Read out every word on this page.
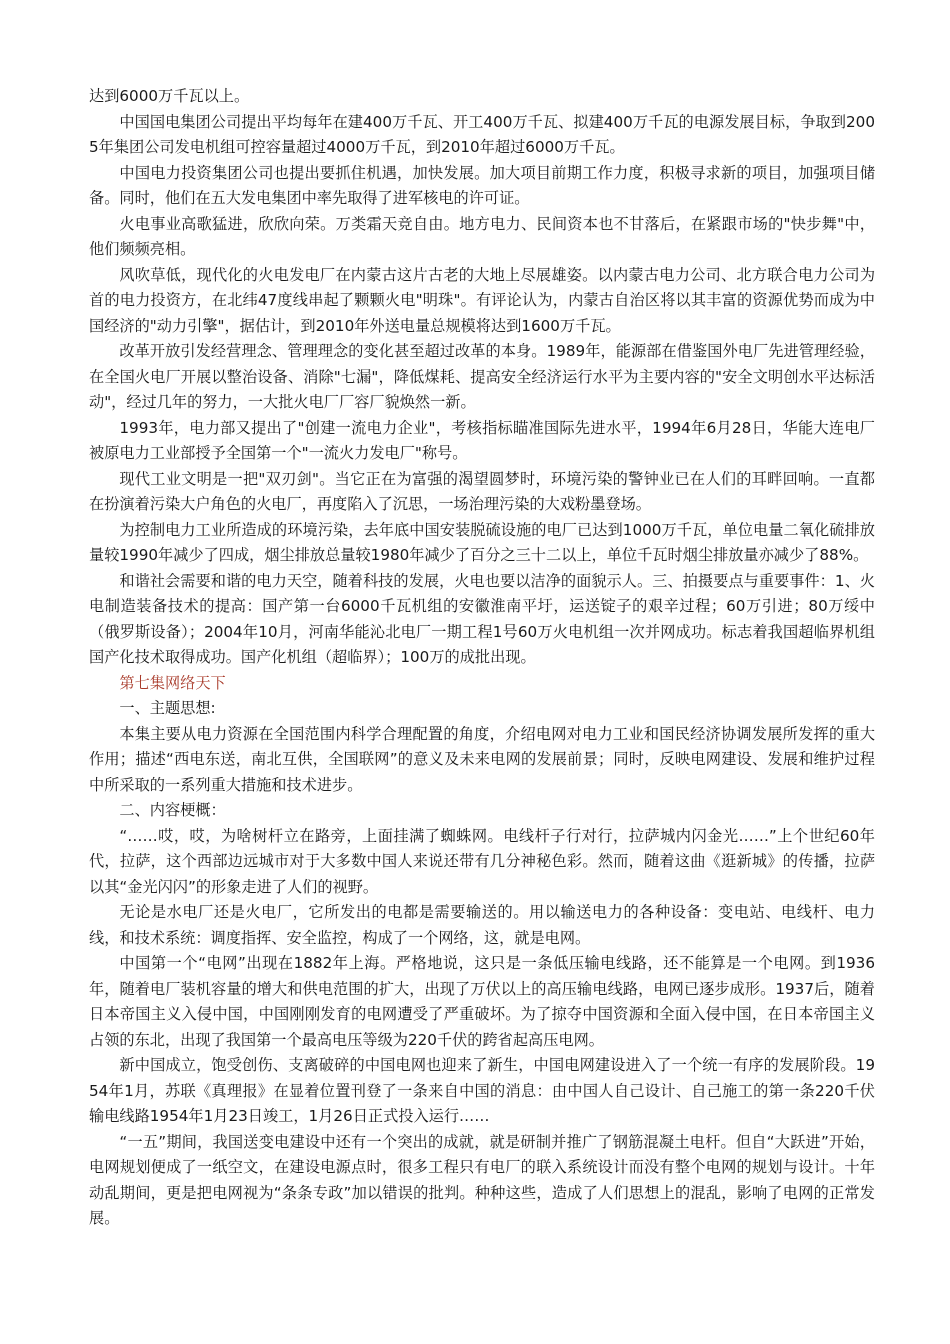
达到6000万千瓦以上。

中国国电集团公司提出平均每年在建400万千瓦、开工400万千瓦、拟建400万千瓦的电源发展目标，争取到2005年集团公司发电机组可控容量超过4000万千瓦，到2010年超过6000万千瓦。

中国电力投资集团公司也提出要抓住机遇，加快发展。加大项目前期工作力度，积极寻求新的项目，加强项目储备。同时，他们在五大发电集团中率先取得了进军核电的许可证。

火电事业高歌猛进，欣欣向荣。万类霜天竞自由。地方电力、民间资本也不甘落后，在紧跟市场的"快步舞"中，他们频频亮相。

风吹草低，现代化的火电发电厂在内蒙古这片古老的大地上尽展雄姿。以内蒙古电力公司、北方联合电力公司为首的电力投资方，在北纬47度线串起了颗颗火电"明珠"。有评论认为，内蒙古自治区将以其丰富的资源优势而成为中国经济的"动力引擎"，据估计，到2010年外送电量总规模将达到1600万千瓦。

改革开放引发经营理念、管理理念的变化甚至超过改革的本身。1989年，能源部在借鉴国外电厂先进管理经验，在全国火电厂开展以整治设备、消除"七漏"，降低煤耗、提高安全经济运行水平为主要内容的"安全文明创水平达标活动"，经过几年的努力，一大批火电厂厂容厂貌焕然一新。

1993年，电力部又提出了"创建一流电力企业"，考核指标瞄准国际先进水平，1994年6月28日，华能大连电厂被原电力工业部授予全国第一个"一流火力发电厂"称号。

现代工业文明是一把"双刃剑"。当它正在为富强的渴望圆梦时，环境污染的警钟业已在人们的耳畔回响。一直都在扮演着污染大户角色的火电厂，再度陷入了沉思，一场治理污染的大戏粉墨登场。

为控制电力工业所造成的环境污染，去年底中国安装脱硫设施的电厂已达到1000万千瓦，单位电量二氧化硫排放量较1990年减少了四成，烟尘排放总量较1980年减少了百分之三十二以上，单位千瓦时烟尘排放量亦减少了88%。

和谐社会需要和谐的电力天空，随着科技的发展，火电也要以洁净的面貌示人。三、拍摄要点与重要事件：1、火电制造装备技术的提高：国产第一台6000千瓦机组的安徽淮南平圩，运送锭子的艰辛过程；60万引进；80万绥中（俄罗斯设备）；2004年10月，河南华能沁北电厂一期工程1号60万火电机组一次并网成功。标志着我国超临界机组国产化技术取得成功。国产化机组（超临界）；100万的成批出现。

第七集网络天下

一、主题思想:

本集主要从电力资源在全国范围内科学合理配置的角度，介绍电网对电力工业和国民经济协调发展所发挥的重大作用；描述“西电东送，南北互供，全国联网”的意义及未来电网的发展前景；同时，反映电网建设、发展和维护过程中所采取的一系列重大措施和技术进步。

二、内容梗概：

“……哎，哎，为啥树杆立在路旁，上面挂满了蜘蛛网。电线杆子行对行，拉萨城内闪金光……”上个世纪60年代，拉萨，这个西部边远城市对于大多数中国人来说还带有几分神秘色彩。然而，随着这曲《逛新城》的传播，拉萨以其“金光闪闪”的形象走进了人们的视野。

无论是水电厂还是火电厂，它所发出的电都是需要输送的。用以输送电力的各种设备：变电站、电线杆、电力线，和技术系统：调度指挥、安全监控，构成了一个网络，这，就是电网。

中国第一个“电网”出现在1882年上海。严格地说，这只是一条低压输电线路，还不能算是一个电网。到1936年，随着电厂装机容量的增大和供电范围的扩大，出现了万伏以上的高压输电线路，电网已逐步成形。1937后，随着日本帝国主义入侵中国，中国刚刚发育的电网遭受了严重破坏。为了掠夺中国资源和全面入侵中国，在日本帝国主义占领的东北，出现了我国第一个最高电压等级为220千伏的跨省起高压电网。

新中国成立，饱受创伤、支离破碎的中国电网也迎来了新生，中国电网建设进入了一个统一有序的发展阶段。1954年1月，苏联《真理报》在显着位置刊登了一条来自中国的消息：由中国人自己设计、自己施工的第一条220千伏输电线路1954年1月23日竣工，1月26日正式投入运行……

“一五”期间，我国送变电建设中还有一个突出的成就，就是研制并推广了钢筋混凝土电杆。但自“大跃进”开始，电网规划便成了一纸空文，在建设电源点时，很多工程只有电厂的联入系统设计而没有整个电网的规划与设计。十年动乱期间，更是把电网视为“条条专政”加以错误的批判。种种这些，造成了人们思想上的混乱，影响了电网的正常发展。
